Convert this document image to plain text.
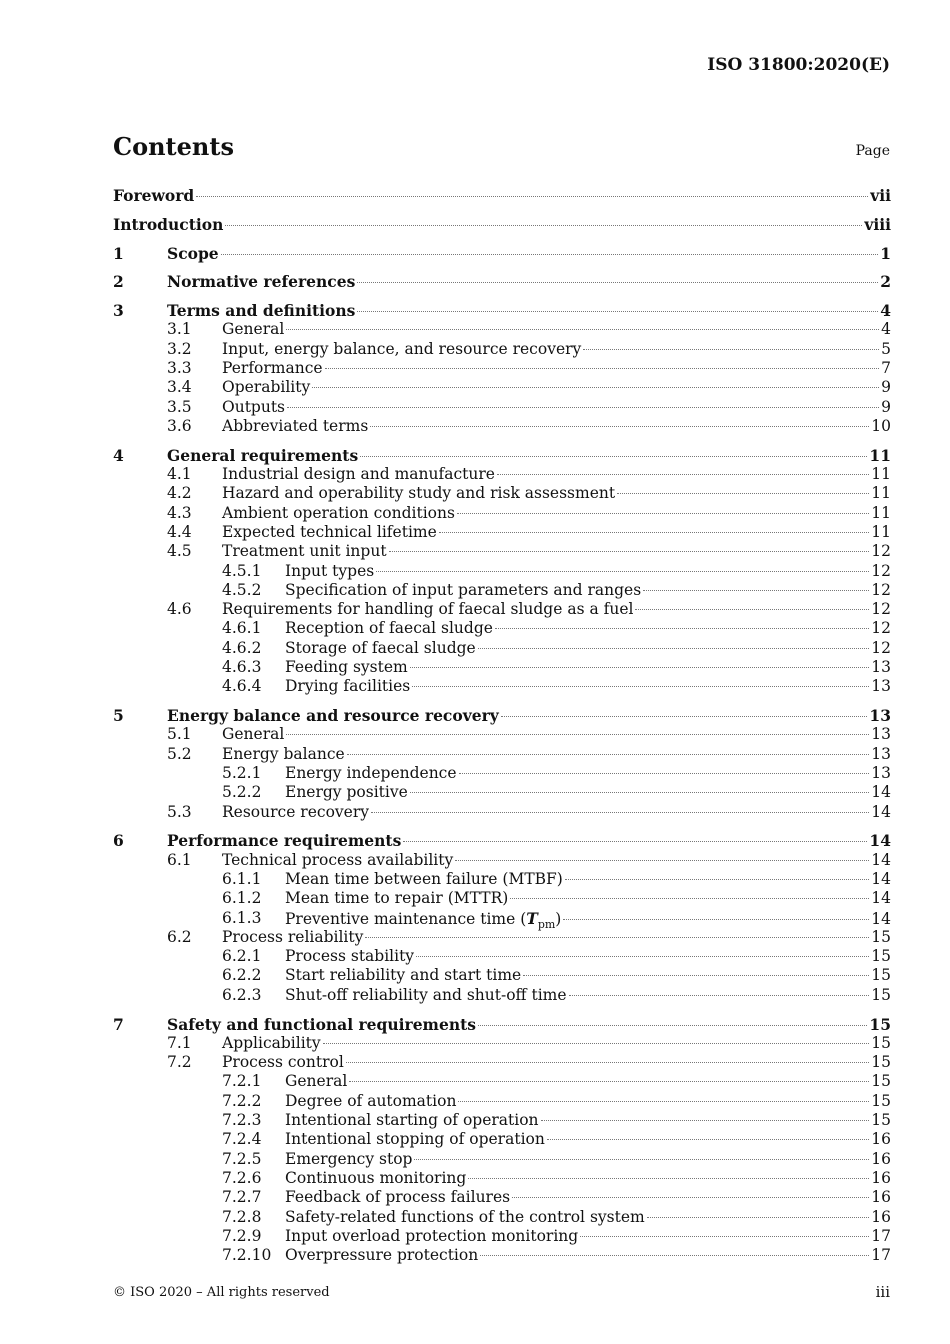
ISO 31800:2020(E)
Contents	Page
Foreword	vii
Introduction	viii
1	Scope	1
2	Normative references	2
3	Terms and definitions	4
3.1 General	4
3.2 Input, energy balance, and resource recovery	5
3.3 Performance	7
3.4 Operability	9
3.5 Outputs	9
3.6 Abbreviated terms	10
4	General requirements	11
4.1 Industrial design and manufacture	11
4.2 Hazard and operability study and risk assessment	11
4.3 Ambient operation conditions	11
4.4 Expected technical lifetime	11
4.5 Treatment unit input	12
4.5.1 Input types	12
4.5.2 Specification of input parameters and ranges	12
4.6 Requirements for handling of faecal sludge as a fuel	12
4.6.1 Reception of faecal sludge	12
4.6.2 Storage of faecal sludge	12
4.6.3 Feeding system	13
4.6.4 Drying facilities	13
5	Energy balance and resource recovery	13
5.1 General	13
5.2 Energy balance	13
5.2.1 Energy independence	13
5.2.2 Energy positive	14
5.3 Resource recovery	14
6	Performance requirements	14
6.1 Technical process availability	14
6.1.1 Mean time between failure (MTBF)	14
6.1.2 Mean time to repair (MTTR)	14
6.1.3 Preventive maintenance time $(T_{pm})$	14
6.2 Process reliability	15
6.2.1 Process stability	15
6.2.2 Start reliability and start time	15
6.2.3 Shut-off reliability and shut-off time	15
7	Safety and functional requirements	15
7.1 Applicability	15
7.2 Process control	15
7.2.1 General	15
7.2.2 Degree of automation	15
7.2.3 Intentional starting of operation	15
7.2.4 Intentional stopping of operation	16
7.2.5 Emergency stop	16
7.2.6 Continuous monitoring	16
7.2.7 Feedback of process failures	16
7.2.8 Safety-related functions of the control system	16
7.2.9 Input overload protection monitoring	17
7.2.10 Overpressure protection	17
© ISO 2020 – All rights reserved	iii
